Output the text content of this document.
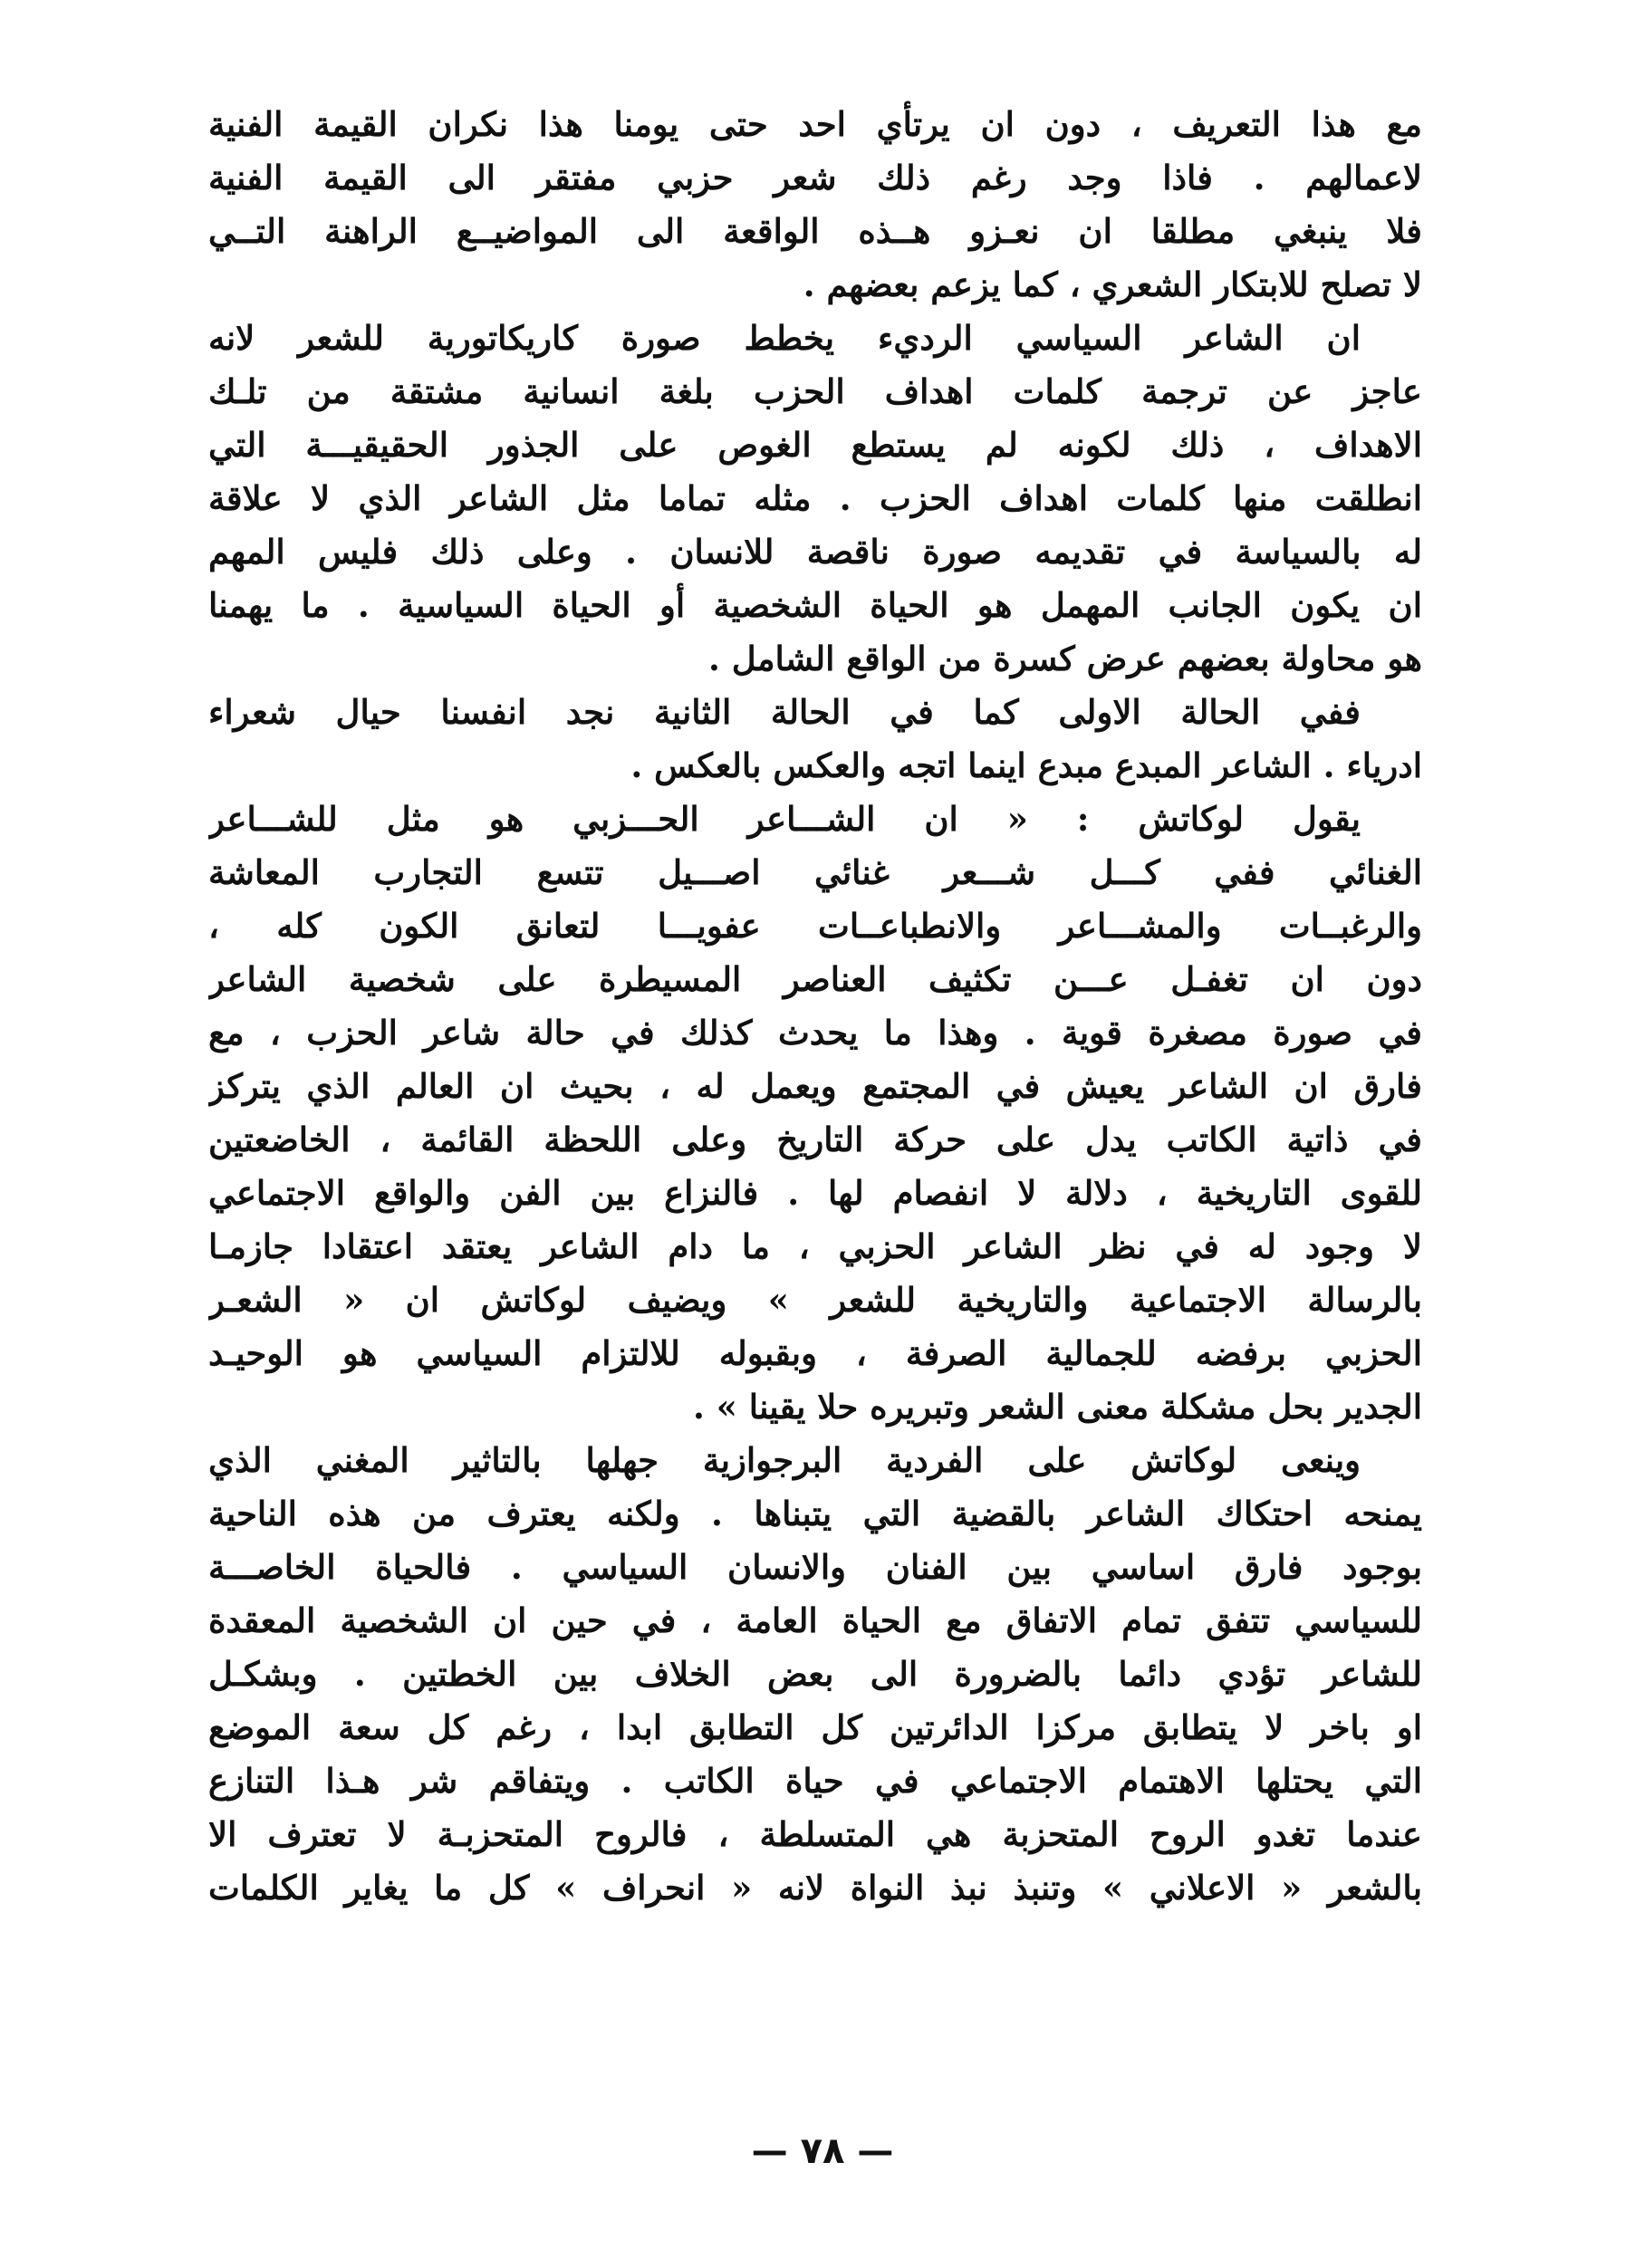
مع هذا التعريف ، دون ان يرتأي احد حتى يومنا هذا نكران القيمة الفنية
لاعمالهم . فاذا وجد رغم ذلك شعر حزبي مفتقر الى القيمة الفنية
فلا ينبغي مطلقا ان نعـزو هــذه الواقعة الى المواضيــع الراهنة التــي
لا تصلح للابتكار الشعري ، كما يزعم بعضهم .
ان الشاعر السياسي الرديء يخطط صورة كاريكاتورية للشعر لانه
عاجز عن ترجمة كلمات اهداف الحزب بلغة انسانية مشتقة من تلـك
الاهداف ، ذلك لكونه لم يستطع الغوص على الجذور الحقيقيـــة التي
انطلقت منها كلمات اهداف الحزب . مثله تماما مثل الشاعر الذي لا علاقة
له بالسياسة في تقديمه صورة ناقصة للانسان . وعلى ذلك فليس المهم
ان يكون الجانب المهمل هو الحياة الشخصية أو الحياة السياسية . ما يهمنا
هو محاولة بعضهم عرض كسرة من الواقع الشامل .
ففي الحالة الاولى كما في الحالة الثانية نجد انفسنا حيال شعراء
ادرياء . الشاعر المبدع مبدع اينما اتجه والعكس بالعكس .
يقول لوكاتش : « ان الشـــاعر الحـــزبي هو مثل للشـــاعر
الغنائي ففي كـــل شـــعر غنائي اصـــيل تتسع التجارب المعاشة
والرغبــات والمشـــاعر والانطباعــات عفويـــا لتعانق الكون كله ،
دون ان تغفـل عـــن تكثيف العناصر المسيطرة على شخصية الشاعر
في صورة مصغرة قوية . وهذا ما يحدث كذلك في حالة شاعر الحزب ، مع
فارق ان الشاعر يعيش في المجتمع ويعمل له ، بحيث ان العالم الذي يتركز
في ذاتية الكاتب يدل على حركة التاريخ وعلى اللحظة القائمة ، الخاضعتين
للقوى التاريخية ، دلالة لا انفصام لها . فالنزاع بين الفن والواقع الاجتماعي
لا وجود له في نظر الشاعر الحزبي ، ما دام الشاعر يعتقد اعتقادا جازمـا
بالرسالة الاجتماعية والتاريخية للشعر » ويضيف لوكاتش ان « الشعـر
الحزبي برفضه للجمالية الصرفة ، وبقبوله للالتزام السياسي هو الوحيـد
الجدير بحل مشكلة معنى الشعر وتبريره حلا يقينا » .
وينعى لوكاتش على الفردية البرجوازية جهلها بالتاثير المغني الذي
يمنحه احتكاك الشاعر بالقضية التي يتبناها . ولكنه يعترف من هذه الناحية
بوجود فارق اساسي بين الفنان والانسان السياسي . فالحياة الخاصـــة
للسياسي تتفق تمام الاتفاق مع الحياة العامة ، في حين ان الشخصية المعقدة
للشاعر تؤدي دائما بالضرورة الى بعض الخلاف بين الخطتين . وبشكـل
او باخر لا يتطابق مركزا الدائرتين كل التطابق ابدا ، رغم كل سعة الموضع
التي يحتلها الاهتمام الاجتماعي في حياة الكاتب . ويتفاقم شر هـذا التنازع
عندما تغدو الروح المتحزبة هي المتسلطة ، فالروح المتحزبـة لا تعترف الا
بالشعر « الاعلاني » وتنبذ نبذ النواة لانه « انحراف » كل ما يغاير الكلمات
— ٧٨ —
